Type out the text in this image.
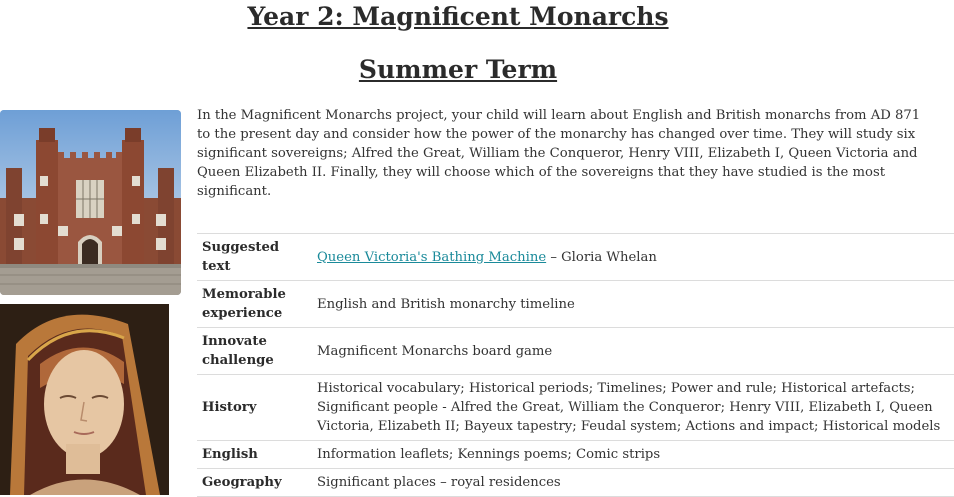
Year 2: Magnificent Monarchs
Summer Term

In the Magnificent Monarchs project, your child will learn about English and British monarchs from AD 871 to the present day and consider how the power of the monarchy has changed over time. They will study six significant sovereigns; Alfred the Great, William the Conqueror, Henry VIII, Elizabeth I, Queen Victoria and Queen Elizabeth II. Finally, they will choose which of the sovereigns that they have studied is the most significant.

Suggested text	Queen Victoria's Bathing Machine – Gloria Whelan
Memorable experience	English and British monarchy timeline
Innovate challenge	Magnificent Monarchs board game
History	Historical vocabulary; Historical periods; Timelines; Power and rule; Historical artefacts; Significant people - Alfred the Great, William the Conqueror; Henry VIII, Elizabeth I, Queen Victoria, Elizabeth II; Bayeux tapestry; Feudal system; Actions and impact; Historical models
English	Information leaflets; Kennings poems; Comic strips
Geography	Significant places – royal residences
